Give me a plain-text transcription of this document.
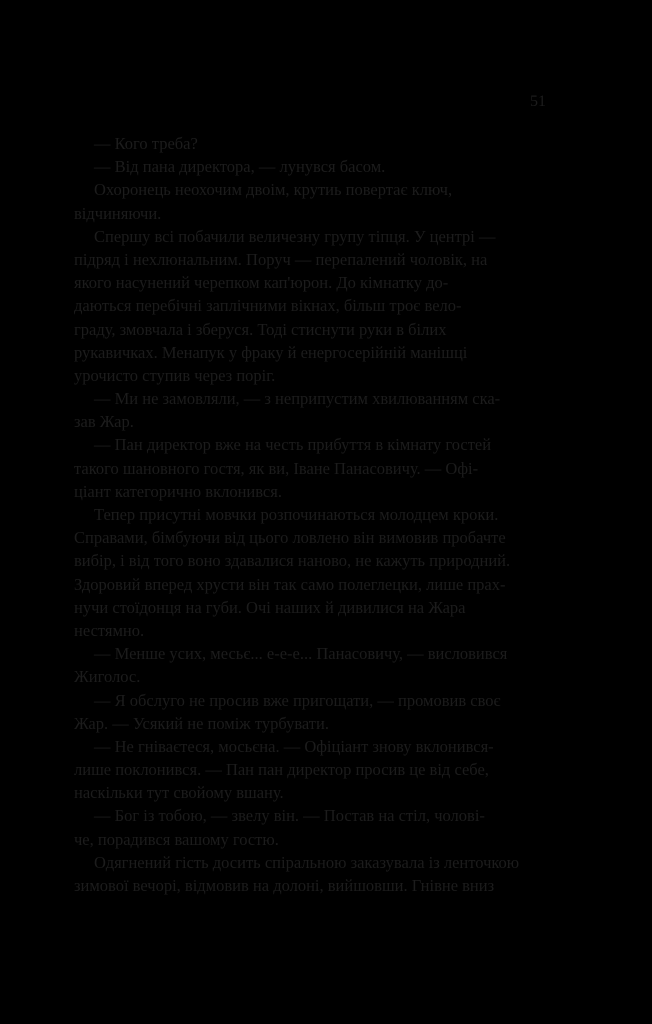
51
— Кого треба?
— Від пана директора, — лунувся басом.
Охоронець неохочим двоім, крутиь повертає ключ,
відчиняючи.
Спершу всі побачили величезну групу тіпця. У центрі —
підряд і нехлюнальним. Поруч — перепалений чоловік, на
якого насунений черепком кап'юрон. До кімнатку до-
даються перебічні заплічними вікнах, більш троє вело-
граду, змовчала і зберуся. Тоді стиснути руки в білих
рукавичках. Менапук у фраку й енергосерійній манішці
урочисто ступив через поріг.
— Ми не замовляли, — з неприпустим хвилюванням ска-
зав Жар.
— Пан директор вже на честь прибуття в кімнату гостей
такого шановного гостя, як ви, Іване Панасовичу. — Офі-
ціант категорично вклонився.
Тепер присутні мовчки розпочинаються молодцем кроки.
Справами, бімбуючи від цього ловлено він вимовив пробачте
вибір, і від того воно здавалися наново, не кажуть природний.
Здоровий вперед хрусти він так само полеглецки, лише прах-
нучи стоїдонця на губи. Очі наших й дивилися на Жара
нестямно.
— Менше усих, месьє... е-е-е... Панасовичу, — висловився
Жиголос.
— Я обслуго не просив вже пригощати, — промовив своє
Жар. — Усякий не поміж турбувати.
— Не гніваєтеся, мосьєна. — Офіціант знову вклонився-
лише поклонився. — Пан пан директор просив це від себе,
наскільки тут свойому вшану.
— Бог із тобою, — звелу він. — Постав на стіл, чолові-
че, порадився вашому гостю.
Одягнений гість досить спіральною заказувала із ленточкою
зимової вечорі, відмовив на долоні, вийшовши. Гнівне вниз
